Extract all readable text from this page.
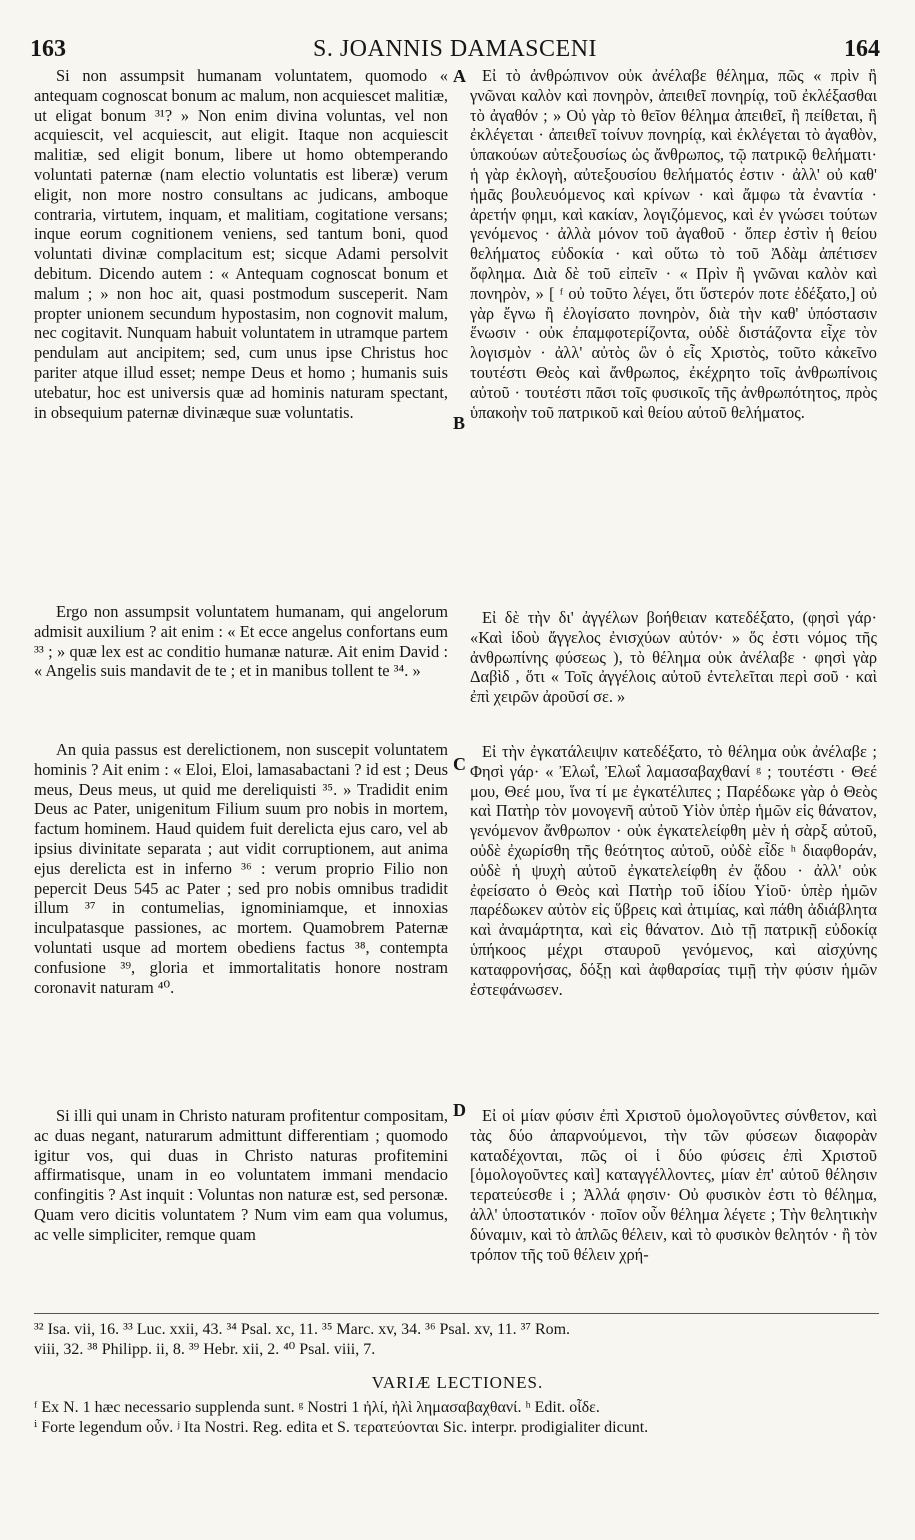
163	S. JOANNIS DAMASCENI	164
A
B
C
D

Si non assumpsit humanam voluntatem, quomodo « antequam cognoscat bonum ac malum, non acquiescet malitiæ, ut eligat bonum ³¹? » Non enim divina voluntas, vel non acquiescit, vel acquiescit, aut eligit. Itaque non acquiescit malitiæ, sed eligit bonum, libere ut homo obtemperando voluntati paternæ (nam electio voluntatis est liberæ) verum eligit, non more nostro consultans ac judicans, amboque contraria, virtutem, inquam, et malitiam, cogitatione versans; inque eorum cognitionem veniens, sed tantum boni, quod voluntati divinæ complacitum est; sicque Adami persolvit debitum. Dicendo autem : « Antequam cognoscat bonum et malum ; » non hoc ait, quasi postmodum susceperit. Nam propter unionem secundum hypostasim, non cognovit malum, nec cogitavit. Nunquam habuit voluntatem in utramque partem pendulam aut ancipitem; sed, cum unus ipse Christus hoc pariter atque illud esset; nempe Deus et homo ; humanis suis utebatur, hoc est universis quæ ad hominis naturam spectant, in obsequium paternæ divinæque suæ voluntatis.

Ergo non assumpsit voluntatem humanam, qui angelorum admisit auxilium ? ait enim : « Et ecce angelus confortans eum ³³ ; » quæ lex est ac conditio humanæ naturæ. Ait enim David : « Angelis suis mandavit de te ; et in manibus tollent te ³⁴. »

An quia passus est derelictionem, non suscepit voluntatem hominis ? Ait enim : « Eloi, Eloi, lamasabactani ? id est ; Deus meus, Deus meus, ut quid me dereliquisti ³⁵. » Tradidit enim Deus ac Pater, unigenitum Filium suum pro nobis in mortem, factum hominem. Haud quidem fuit derelicta ejus caro, vel ab ipsius divinitate separata ; aut vidit corruptionem, aut anima ejus derelicta est in inferno ³⁶ : verum proprio Filio non pepercit Deus 545 ac Pater ; sed pro nobis omnibus tradidit illum ³⁷ in contumelias, ignominiamque, et innoxias inculpatasque passiones, ac mortem. Quamobrem Paternæ voluntati usque ad mortem obediens factus ³⁸, contempta confusione ³⁹, gloria et immortalitatis honore nostram coronavit naturam ⁴⁰.

Si illi qui unam in Christo naturam profitentur compositam, ac duas negant, naturarum admittunt differentiam ; quomodo igitur vos, qui duas in Christo naturas profitemini affirmatisque, unam in eo voluntatem immani mendacio confingitis ? Ast inquit : Voluntas non naturæ est, sed personæ. Quam vero dicitis voluntatem ? Num vim eam qua volumus, ac velle simpliciter, remque quam

Εἰ τὸ ἀνθρώπινον οὐκ ἀνέλαβε θέλημα, πῶς « πρὶν ἢ γνῶναι καλὸν καὶ πονηρὸν, ἀπειθεῖ πονηρίᾳ, τοῦ ἐκλέξασθαι τὸ ἀγαθόν ; » Οὐ γὰρ τὸ θεῖον θέλημα ἀπειθεῖ, ἢ πείθεται, ἢ ἐκλέγεται · ἀπειθεῖ τοίνυν πονηρίᾳ, καὶ ἐκλέγεται τὸ ἀγαθὸν, ὑπακούων αὐτεξουσίως ὡς ἄνθρωπος, τῷ πατρικῷ θελήματι· ἡ γὰρ ἐκλογὴ, αὐτεξουσίου θελήματός ἐστιν · ἀλλ' οὐ καθ' ἡμᾶς βουλευόμενος καὶ κρίνων · καὶ ἄμφω τὰ ἐναντία · ἀρετήν φημι, καὶ κακίαν, λογιζόμενος, καὶ ἐν γνώσει τούτων γενόμενος · ἀλλὰ μόνον τοῦ ἀγαθοῦ · ὅπερ ἐστὶν ἡ θείου θελήματος εὐδοκία · καὶ οὕτω τὸ τοῦ Ἀδὰμ ἀπέτισεν ὄφλημα. Διὰ δὲ τοῦ εἰπεῖν · « Πρὶν ἢ γνῶναι καλὸν καὶ πονηρὸν, » [ ᶠ οὐ τοῦτο λέγει, ὅτι ὕστερόν ποτε ἐδέξατο,] οὐ γὰρ ἔγνω ἢ ἐλογίσατο πονηρὸν, διὰ τὴν καθ' ὑπόστασιν ἕνωσιν · οὐκ ἐπαμφοτερίζοντα, οὐδὲ διστάζοντα εἶχε τὸν λογισμὸν · ἀλλ' αὐτὸς ὢν ὁ εἷς Χριστὸς, τοῦτο κἀκεῖνο τουτέστι Θεὸς καὶ ἄνθρωπος, ἐκέχρητο τοῖς ἀνθρωπίνοις αὐτοῦ · τουτέστι πᾶσι τοῖς φυσικοῖς τῆς ἀνθρωπότητος, πρὸς ὑπακοὴν τοῦ πατρικοῦ καὶ θείου αὐτοῦ θελήματος.

Εἰ δὲ τὴν δι' ἀγγέλων βοήθειαν κατεδέξατο, (φησὶ γάρ· «Καὶ ἰδοὺ ἄγγελος ἐνισχύων αὐτόν· » ὅς ἐστι νόμος τῆς ἀνθρωπίνης φύσεως ), τὸ θέλημα οὐκ ἀνέλαβε · φησὶ γὰρ Δαβὶδ , ὅτι « Τοῖς ἀγγέλοις αὐτοῦ ἐντελεῖται περὶ σοῦ · καὶ ἐπὶ χειρῶν ἀροῦσί σε. »

Εἰ τὴν ἐγκατάλειψιν κατεδέξατο, τὸ θέλημα οὐκ ἀνέλαβε ; Φησὶ γάρ· « Ἐλωΐ, Ἐλωΐ λαμασαβαχθανί ᵍ ; τουτέστι · Θεέ μου, Θεέ μου, ἵνα τί με ἐγκατέλιπες ; Παρέδωκε γὰρ ὁ Θεὸς καὶ Πατὴρ τὸν μονογενῆ αὐτοῦ Υἱὸν ὑπὲρ ἡμῶν εἰς θάνατον, γενόμενον ἄνθρωπον · οὐκ ἐγκατελείφθη μὲν ἡ σὰρξ αὐτοῦ, οὐδὲ ἐχωρίσθη τῆς θεότητος αὐτοῦ, οὐδὲ εἶδε ʰ διαφθοράν, οὐδὲ ἡ ψυχὴ αὐτοῦ ἐγκατελείφθη ἐν ᾅδου · ἀλλ' οὐκ ἐφείσατο ὁ Θεὸς καὶ Πατὴρ τοῦ ἰδίου Υἱοῦ· ὑπὲρ ἡμῶν παρέδωκεν αὐτὸν εἰς ὕβρεις καὶ ἀτιμίας, καὶ πάθη ἀδιάβλητα καὶ ἀναμάρτητα, καὶ εἰς θάνατον. Διὸ τῇ πατρικῇ εὐδοκίᾳ ὑπήκοος μέχρι σταυροῦ γενόμενος, καὶ αἰσχύνης καταφρονήσας, δόξῃ καὶ ἀφθαρσίας τιμῇ τὴν φύσιν ἡμῶν ἐστεφάνωσεν.

Εἰ οἱ μίαν φύσιν ἐπὶ Χριστοῦ ὁμολογοῦντες σύνθετον, καὶ τὰς δύο ἀπαρνούμενοι, τὴν τῶν φύσεων διαφορὰν καταδέχονται, πῶς οἱ ἱ δύο φύσεις ἐπὶ Χριστοῦ [ὁμολογοῦντες καὶ] καταγγέλλοντες, μίαν ἐπ' αὐτοῦ θέλησιν τερατεύεσθε ἱ ; Ἀλλά φησιν· Οὐ φυσικὸν ἐστι τὸ θέλημα, ἀλλ' ὑποστατικόν · ποῖον οὖν θέλημα λέγετε ; Τὴν θελητικὴν δύναμιν, καὶ τὸ ἁπλῶς θέλειν, καὶ τὸ φυσικὸν θελητόν · ἢ τὸν τρόπον τῆς τοῦ θέλειν χρή-

³² Isa. vii, 16. ³³ Luc. xxii, 43. ³⁴ Psal. xc, 11. ³⁵ Marc. xv, 34. ³⁶ Psal. xv, 11. ³⁷ Rom.
viii, 32. ³⁸ Philipp. ii, 8. ³⁹ Hebr. xii, 2. ⁴⁰ Psal. viii, 7.
VARIÆ LECTIONES.
ᶠ Ex N. 1 hæc necessario supplenda sunt. ᵍ Nostri 1 ἠλί, ἠλὶ λημασαβαχθανί. ʰ Edit. οἶδε.
ⁱ Forte legendum οὖν. ʲ Ita Nostri. Reg. edita et S. τερατεύονται Sic. interpr. prodigialiter dicunt.
